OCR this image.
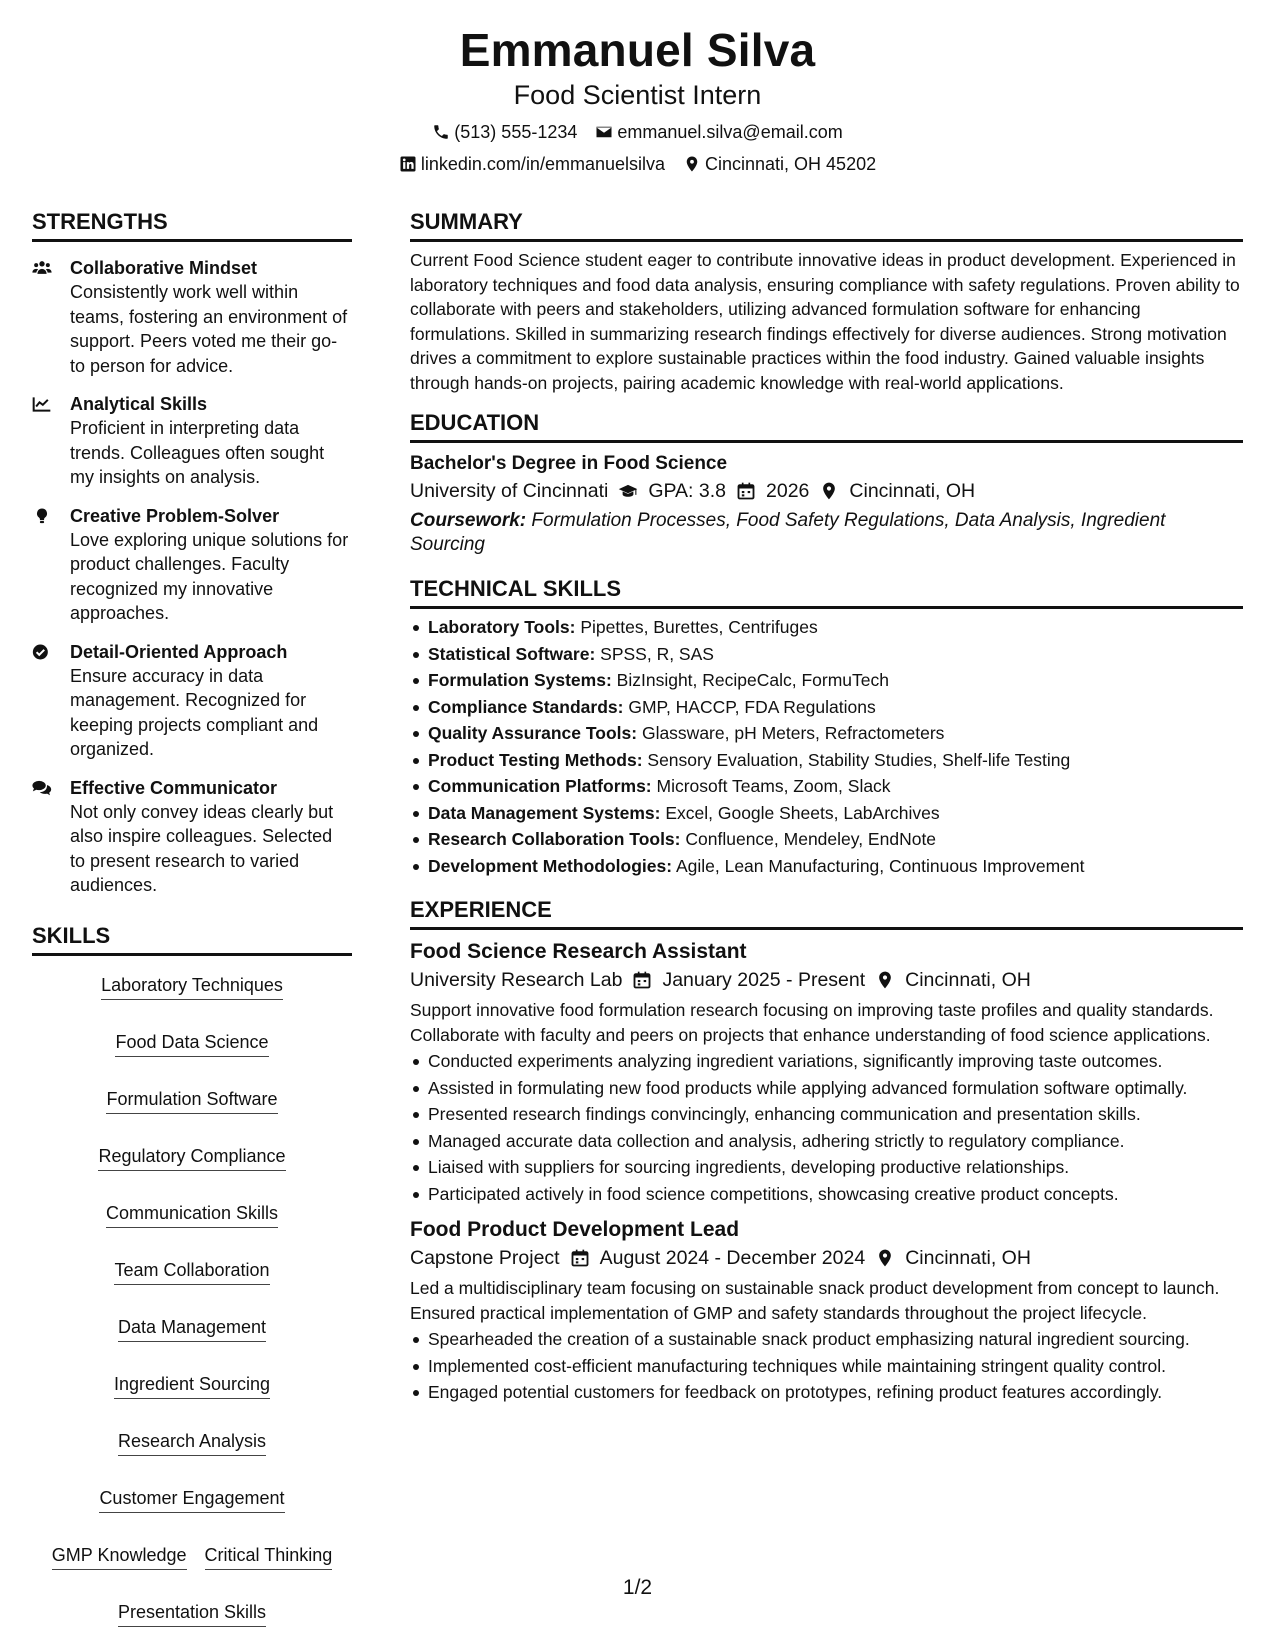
Emmanuel Silva
Food Scientist Intern
(513) 555-1234 emmanuel.silva@email.com
linkedin.com/in/emmanuelsilva Cincinnati, OH 45202
STRENGTHS
Collaborative Mindset
Consistently work well within teams, fostering an environment of support. Peers voted me their go-to person for advice.
Analytical Skills
Proficient in interpreting data trends. Colleagues often sought my insights on analysis.
Creative Problem-Solver
Love exploring unique solutions for product challenges. Faculty recognized my innovative approaches.
Detail-Oriented Approach
Ensure accuracy in data management. Recognized for keeping projects compliant and organized.
Effective Communicator
Not only convey ideas clearly but also inspire colleagues. Selected to present research to varied audiences.
SKILLS
Laboratory Techniques
Food Data Science
Formulation Software
Regulatory Compliance
Communication Skills
Team Collaboration
Data Management
Ingredient Sourcing
Research Analysis
Customer Engagement
GMP Knowledge Critical Thinking
Presentation Skills
SUMMARY
Current Food Science student eager to contribute innovative ideas in product development. Experienced in laboratory techniques and food data analysis, ensuring compliance with safety regulations. Proven ability to collaborate with peers and stakeholders, utilizing advanced formulation software for enhancing formulations. Skilled in summarizing research findings effectively for diverse audiences. Strong motivation drives a commitment to explore sustainable practices within the food industry. Gained valuable insights through hands-on projects, pairing academic knowledge with real-world applications.
EDUCATION
Bachelor's Degree in Food Science
University of Cincinnati GPA: 3.8 2026 Cincinnati, OH
Coursework: Formulation Processes, Food Safety Regulations, Data Analysis, Ingredient Sourcing
TECHNICAL SKILLS
Laboratory Tools: Pipettes, Burettes, Centrifuges
Statistical Software: SPSS, R, SAS
Formulation Systems: BizInsight, RecipeCalc, FormuTech
Compliance Standards: GMP, HACCP, FDA Regulations
Quality Assurance Tools: Glassware, pH Meters, Refractometers
Product Testing Methods: Sensory Evaluation, Stability Studies, Shelf-life Testing
Communication Platforms: Microsoft Teams, Zoom, Slack
Data Management Systems: Excel, Google Sheets, LabArchives
Research Collaboration Tools: Confluence, Mendeley, EndNote
Development Methodologies: Agile, Lean Manufacturing, Continuous Improvement
EXPERIENCE
Food Science Research Assistant
University Research Lab January 2025 - Present Cincinnati, OH
Support innovative food formulation research focusing on improving taste profiles and quality standards. Collaborate with faculty and peers on projects that enhance understanding of food science applications.
Conducted experiments analyzing ingredient variations, significantly improving taste outcomes.
Assisted in formulating new food products while applying advanced formulation software optimally.
Presented research findings convincingly, enhancing communication and presentation skills.
Managed accurate data collection and analysis, adhering strictly to regulatory compliance.
Liaised with suppliers for sourcing ingredients, developing productive relationships.
Participated actively in food science competitions, showcasing creative product concepts.
Food Product Development Lead
Capstone Project August 2024 - December 2024 Cincinnati, OH
Led a multidisciplinary team focusing on sustainable snack product development from concept to launch. Ensured practical implementation of GMP and safety standards throughout the project lifecycle.
Spearheaded the creation of a sustainable snack product emphasizing natural ingredient sourcing.
Implemented cost-efficient manufacturing techniques while maintaining stringent quality control.
Engaged potential customers for feedback on prototypes, refining product features accordingly.
1/2
